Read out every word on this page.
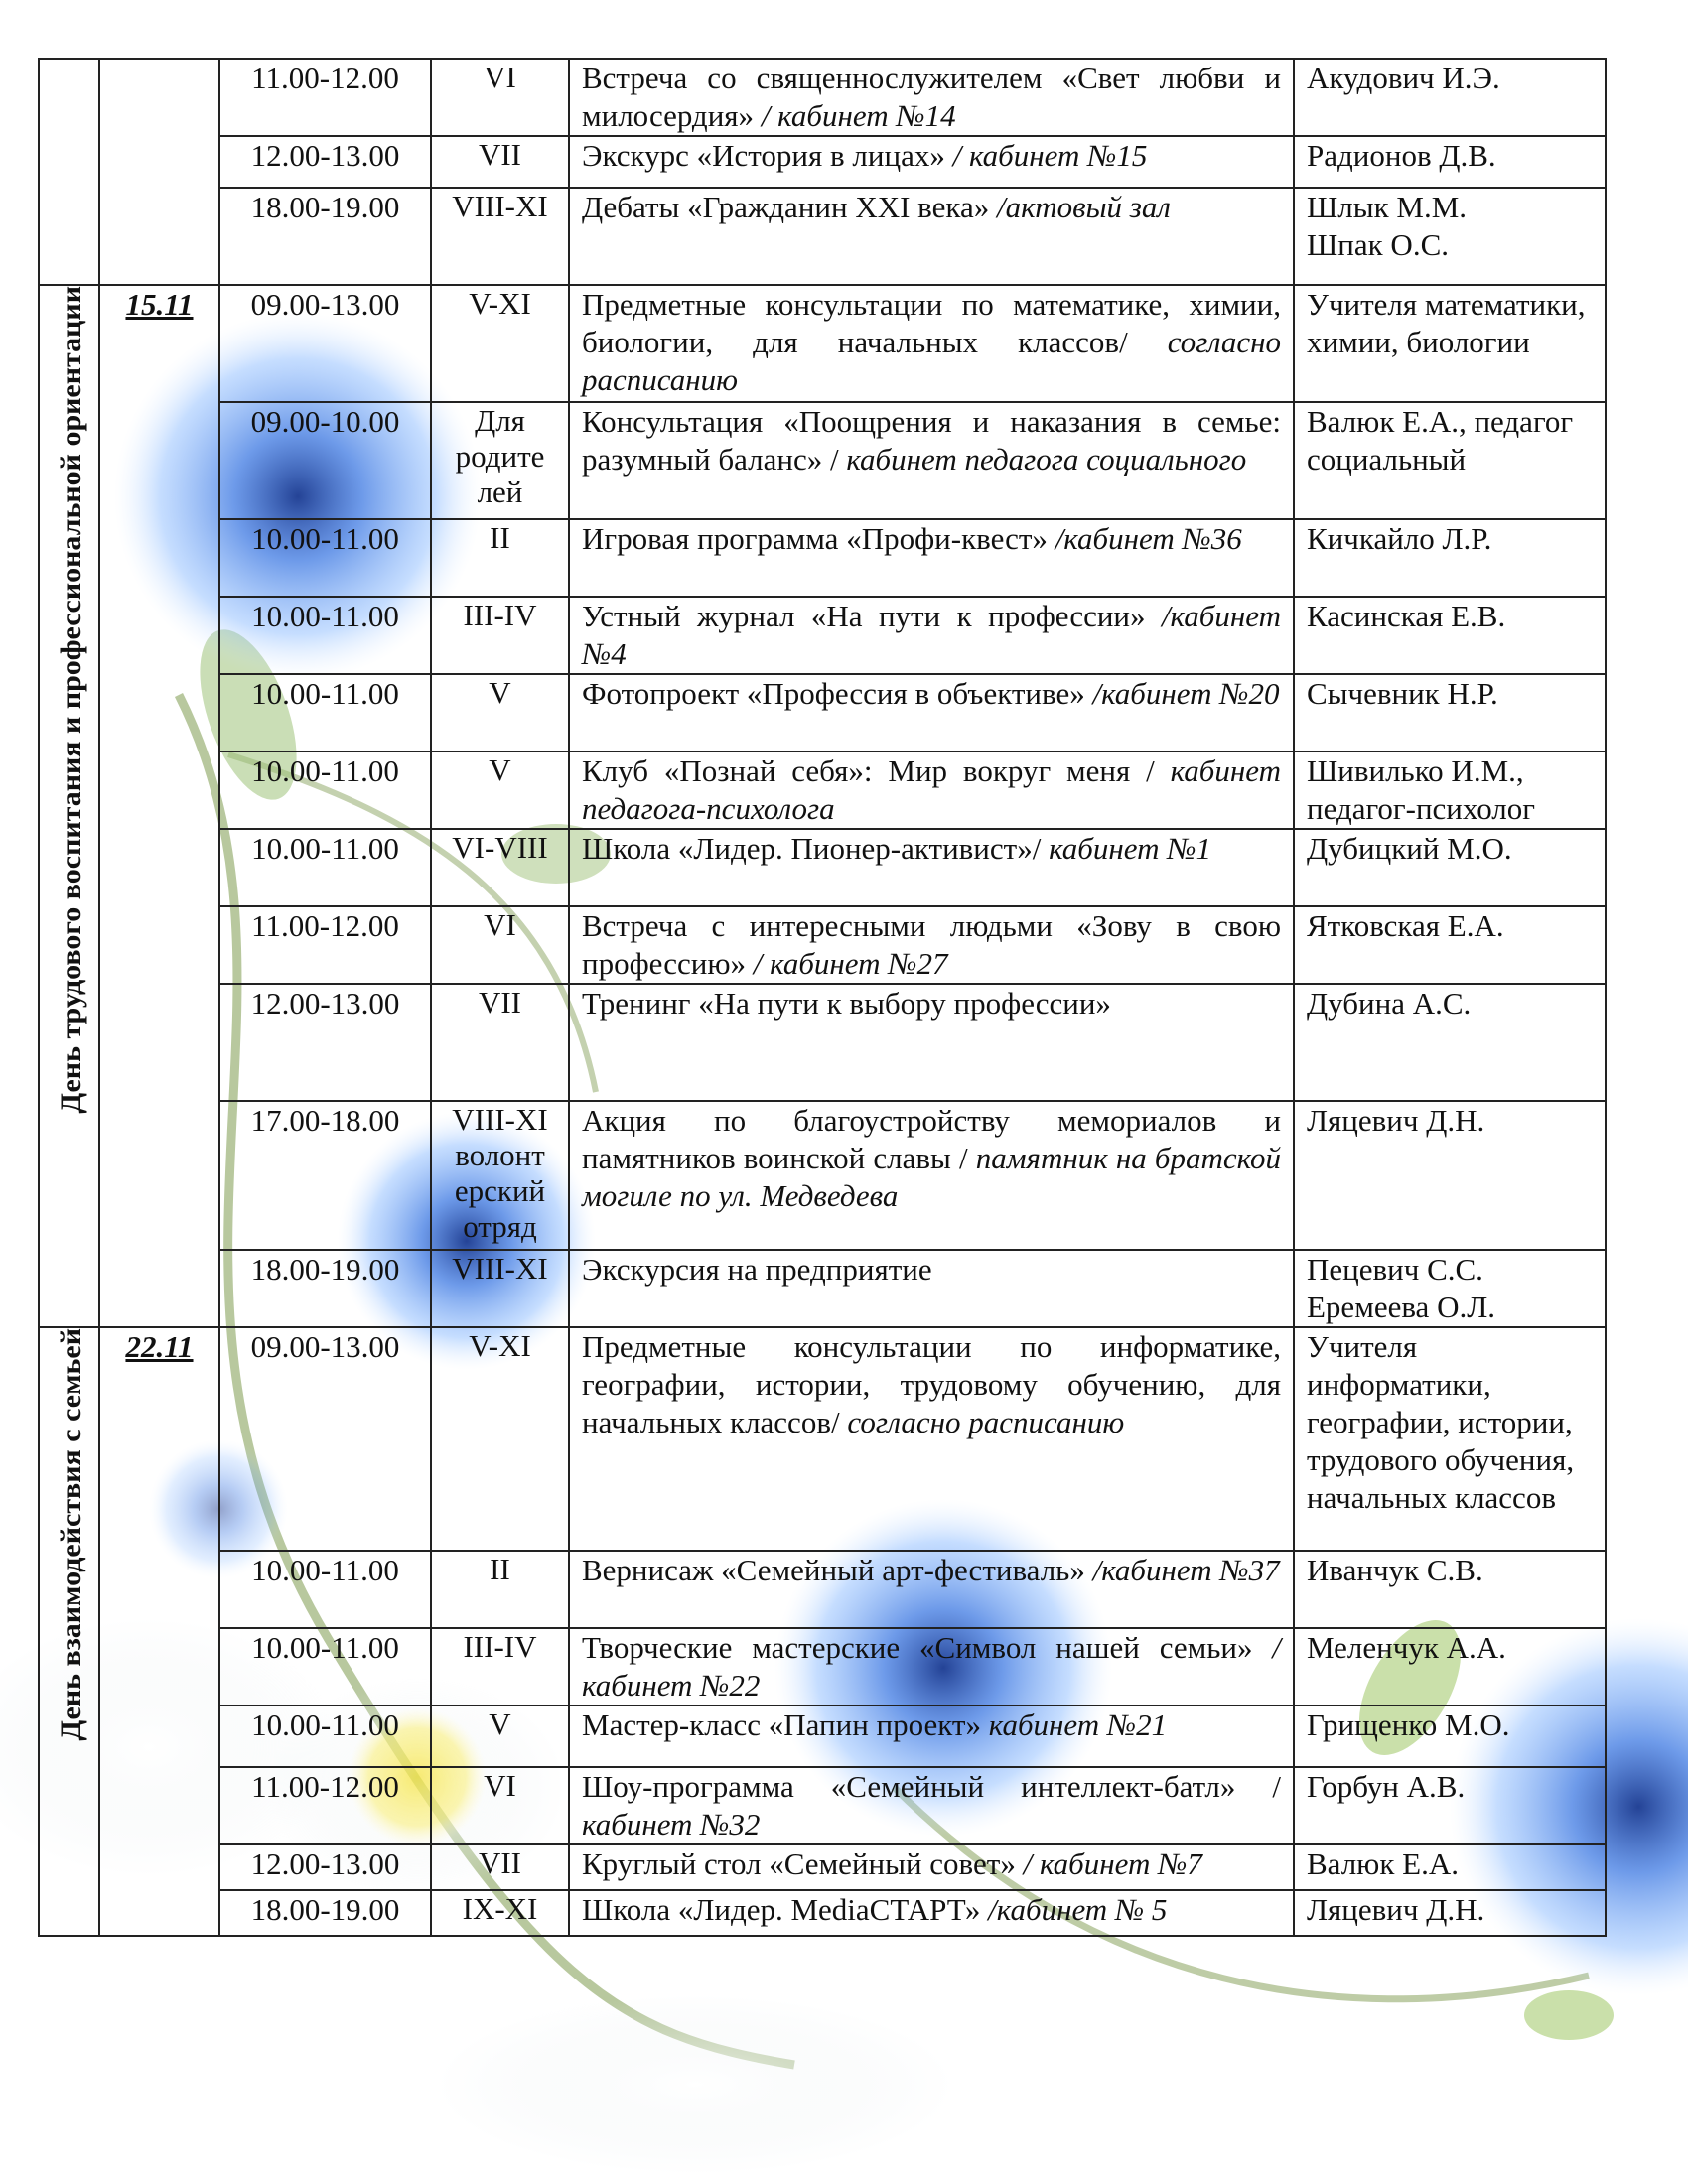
		11.00-12.00	VI	Встреча со священнослужителем «Свет любви и милосердия» / кабинет №14	Акудович И.Э.
		12.00-13.00	VII	Экскурс «История в лицах» / кабинет №15	Радионов Д.В.
		18.00-19.00	VIII-XI	Дебаты «Гражданин XXI века» /актовый зал	Шлык М.М.
Шпак О.С.

День трудового воспитания и профессиональной ориентации	15.11	09.00-13.00	V-XI	Предметные консультации по математике, химии, биологии, для начальных классов/ согласно расписанию	Учителя математики, химии, биологии
		09.00-10.00	Для родите лей	Консультация «Поощрения и наказания в семье: разумный баланс» / кабинет педагога социального	Валюк Е.А., педагог социальный
		10.00-11.00	II	Игровая программа «Профи-квест» /кабинет №36	Кичкайло Л.Р.
		10.00-11.00	III-IV	Устный журнал «На пути к профессии» /кабинет №4	Касинская Е.В.
		10.00-11.00	V	Фотопроект «Профессия в объективе» /кабинет №20	Сычевник Н.Р.
		10.00-11.00	V	Клуб «Познай себя»: Мир вокруг меня / кабинет педагога-психолога	Шивилько И.М., педагог-психолог
		10.00-11.00	VI-VIII	Школа «Лидер. Пионер-активист»/ кабинет №1	Дубицкий М.О.
		11.00-12.00	VI	Встреча с интересными людьми «Зову в свою профессию» / кабинет №27	Ятковская Е.А.
		12.00-13.00	VII	Тренинг «На пути к выбору профессии»	Дубина А.С.
		17.00-18.00	VIII-XI волонт ерский отряд	Акция по благоустройству мемориалов и памятников воинской славы / памятник на братской могиле по ул. Медведева	Ляцевич Д.Н.
		18.00-19.00	VIII-XI	Экскурсия на предприятие	Пецевич С.С.
Еремеева О.Л.

День взаимодействия с семьей	22.11	09.00-13.00	V-XI	Предметные консультации по информатике, географии, истории, трудовому обучению, для начальных классов/ согласно расписанию	Учителя информатики, географии, истории, трудового обучения, начальных классов
		10.00-11.00	II	Вернисаж «Семейный арт-фестиваль» /кабинет №37	Иванчук С.В.
		10.00-11.00	III-IV	Творческие мастерские «Символ нашей семьи» /кабинет №22	Меленчук А.А.
		10.00-11.00	V	Мастер-класс «Папин проект» кабинет №21	Грищенко М.О.
		11.00-12.00	VI	Шоу-программа «Семейный интеллект-батл» / кабинет №32	Горбун А.В.
		12.00-13.00	VII	Круглый стол «Семейный совет» / кабинет №7	Валюк Е.А.
		18.00-19.00	IX-XI	Школа «Лидер. MediaСТАРТ» /кабинет № 5	Ляцевич Д.Н.
